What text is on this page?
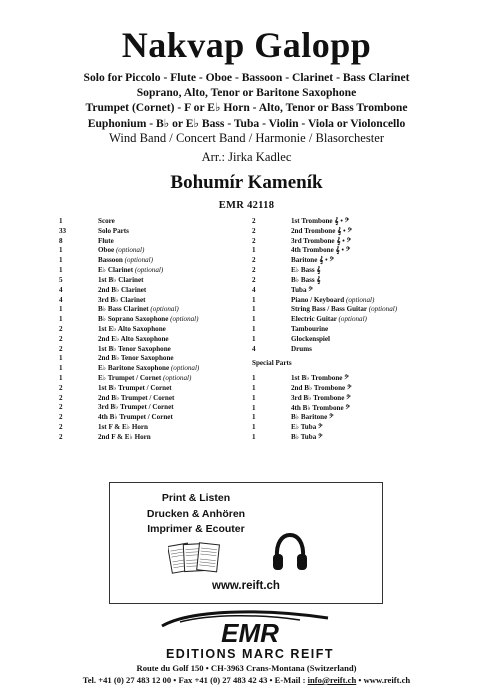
Nakvap Galopp
Solo for Piccolo - Flute - Oboe - Bassoon - Clarinet - Bass Clarinet
Soprano, Alto, Tenor or Baritone Saxophone
Trumpet (Cornet) - F or E♭ Horn - Alto, Tenor or Bass Trombone
Euphonium - B♭ or E♭ Bass - Tuba - Violin - Viola or Violoncello
Wind Band / Concert Band / Harmonie / Blasorchester
Arr.: Jirka Kadlec
Bohumír Kameník
EMR 42118
1	Score
33	Solo Parts
8	Flute
1	Oboe (optional)
1	Bassoon (optional)
1	E♭ Clarinet (optional)
5	1st B♭ Clarinet
4	2nd B♭ Clarinet
4	3rd B♭ Clarinet
1	B♭ Bass Clarinet (optional)
1	B♭ Soprano Saxophone (optional)
2	1st E♭ Alto Saxophone
2	2nd E♭ Alto Saxophone
2	1st B♭ Tenor Saxophone
1	2nd B♭ Tenor Saxophone
1	E♭ Baritone Saxophone (optional)
1	E♭ Trumpet / Cornet (optional)
2	1st B♭ Trumpet / Cornet
2	2nd B♭ Trumpet / Cornet
2	3rd B♭ Trumpet / Cornet
2	4th B♭ Trumpet / Cornet
2	1st F & E♭ Horn
2	2nd F & E♭ Horn
2	1st Trombone 𝄞 • 𝄢
2	2nd Trombone 𝄞 • 𝄢
2	3rd Trombone 𝄞 • 𝄢
1	4th Trombone 𝄞 • 𝄢
2	Baritone 𝄞 • 𝄢
2	E♭ Bass 𝄞
2	B♭ Bass 𝄞
4	Tuba 𝄢
1	Piano / Keyboard (optional)
1	String Bass / Bass Guitar (optional)
1	Electric Guitar (optional)
1	Tambourine
1	Glockenspiel
4	Drums
Special Parts
1	1st B♭ Trombone 𝄢
1	2nd B♭ Trombone 𝄢
1	3rd B♭ Trombone 𝄢
1	4th B♭ Trombone 𝄢
1	B♭ Baritone 𝄢
1	E♭ Tuba 𝄢
1	B♭ Tuba 𝄢
Print & Listen
Drucken & Anhören
Imprimer & Ecouter
www.reift.ch
EMR
EDITIONS MARC REIFT
Route du Golf 150 • CH-3963 Crans-Montana (Switzerland)
Tel. +41 (0) 27 483 12 00 • Fax +41 (0) 27 483 42 43 • E-Mail : info@reift.ch • www.reift.ch
